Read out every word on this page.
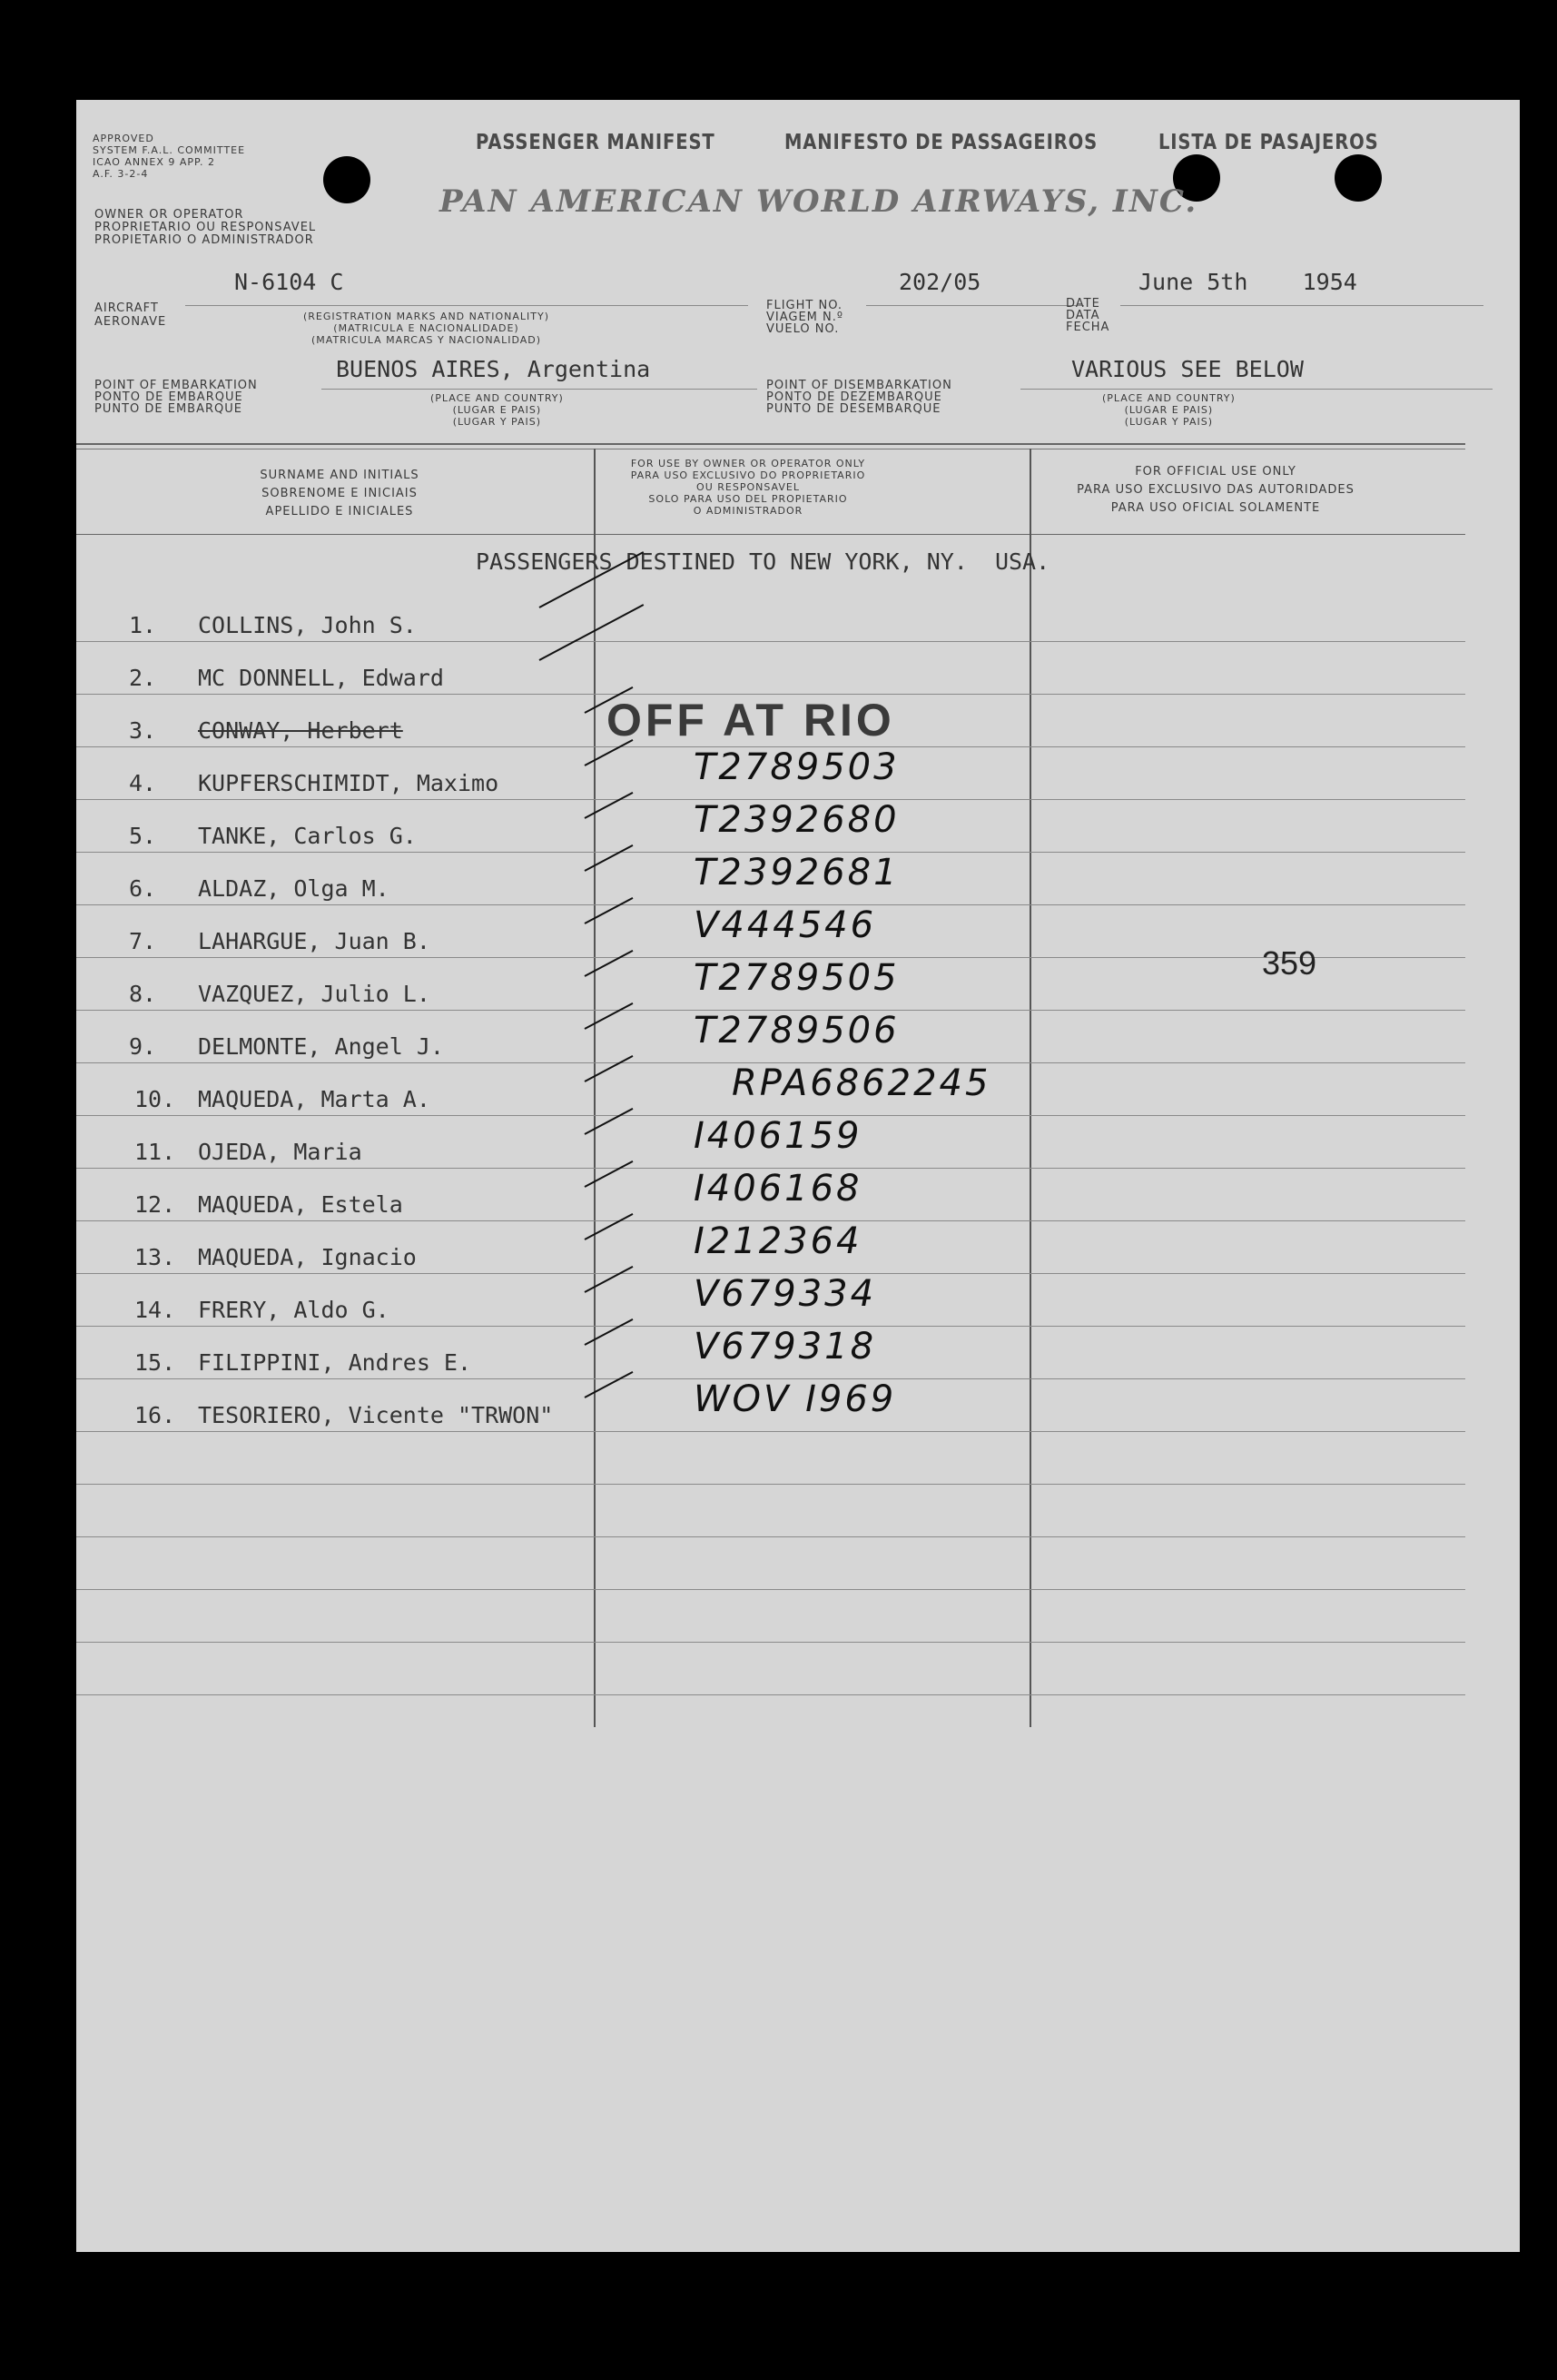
APPROVED
SYSTEM F.A.L. COMMITTEE
ICAO ANNEX 9 APP. 2
A.F. 3-2-4
OWNER OR OPERATOR
PROPRIETARIO OU RESPONSAVEL
PROPIETARIO O ADMINISTRADOR
PASSENGER MANIFEST	MANIFESTO DE PASSAGEIROS	LISTA DE PASAJEROS
PAN AMERICAN WORLD AIRWAYS, INC.
AIRCRAFT
AERONAVE
N-6104 C
(REGISTRATION MARKS AND NATIONALITY)
(MATRICULA E NACIONALIDADE)
(MATRICULA MARCAS Y NACIONALIDAD)
FLIGHT NO.
VIAGEM N.º
VUELO NO.
202/05
DATE
DATA
FECHA
June 5th    1954
POINT OF EMBARKATION
PONTO DE EMBARQUE
PUNTO DE EMBARQUE
BUENOS AIRES, Argentina
(PLACE AND COUNTRY)
(LUGAR E PAIS)
(LUGAR Y PAIS)
POINT OF DISEMBARKATION
PONTO DE DEZEMBARQUE
PUNTO DE DESEMBARQUE
VARIOUS SEE BELOW
(PLACE AND COUNTRY)
(LUGAR E PAIS)
(LUGAR Y PAIS)
SURNAME AND INITIALS
SOBRENOME E INICIAIS
APELLIDO E INICIALES
FOR USE BY OWNER OR OPERATOR ONLY
PARA USO EXCLUSIVO DO PROPRIETARIO
OU RESPONSAVEL
SOLO PARA USO DEL PROPIETARIO
O ADMINISTRADOR
FOR OFFICIAL USE ONLY
PARA USO EXCLUSIVO DAS AUTORIDADES
PARA USO OFICIAL SOLAMENTE
PASSENGERS DESTINED TO NEW YORK, NY.  USA.
1. COLLINS, John S.
2. MC DONNELL, Edward
3. CONWAY, Herbert
4. KUPFERSCHIMIDT, Maximo	T2789503
5. TANKE, Carlos G.	T2392680
6. ALDAZ, Olga M.	T2392681
7. LAHARGUE, Juan B.	V444546
8. VAZQUEZ, Julio L.	T2789505
9. DELMONTE, Angel J.	T2789506
10. MAQUEDA, Marta A.	RPA6862245
11. OJEDA, Maria	I406159
12. MAQUEDA, Estela	I406168
13. MAQUEDA, Ignacio	I212364
14. FRERY, Aldo G.	V679334
15. FILIPPINI, Andres E.	V679318
16. TESORIERO, Vicente "TRWON"	WOV I969
OFF AT RIO
359
